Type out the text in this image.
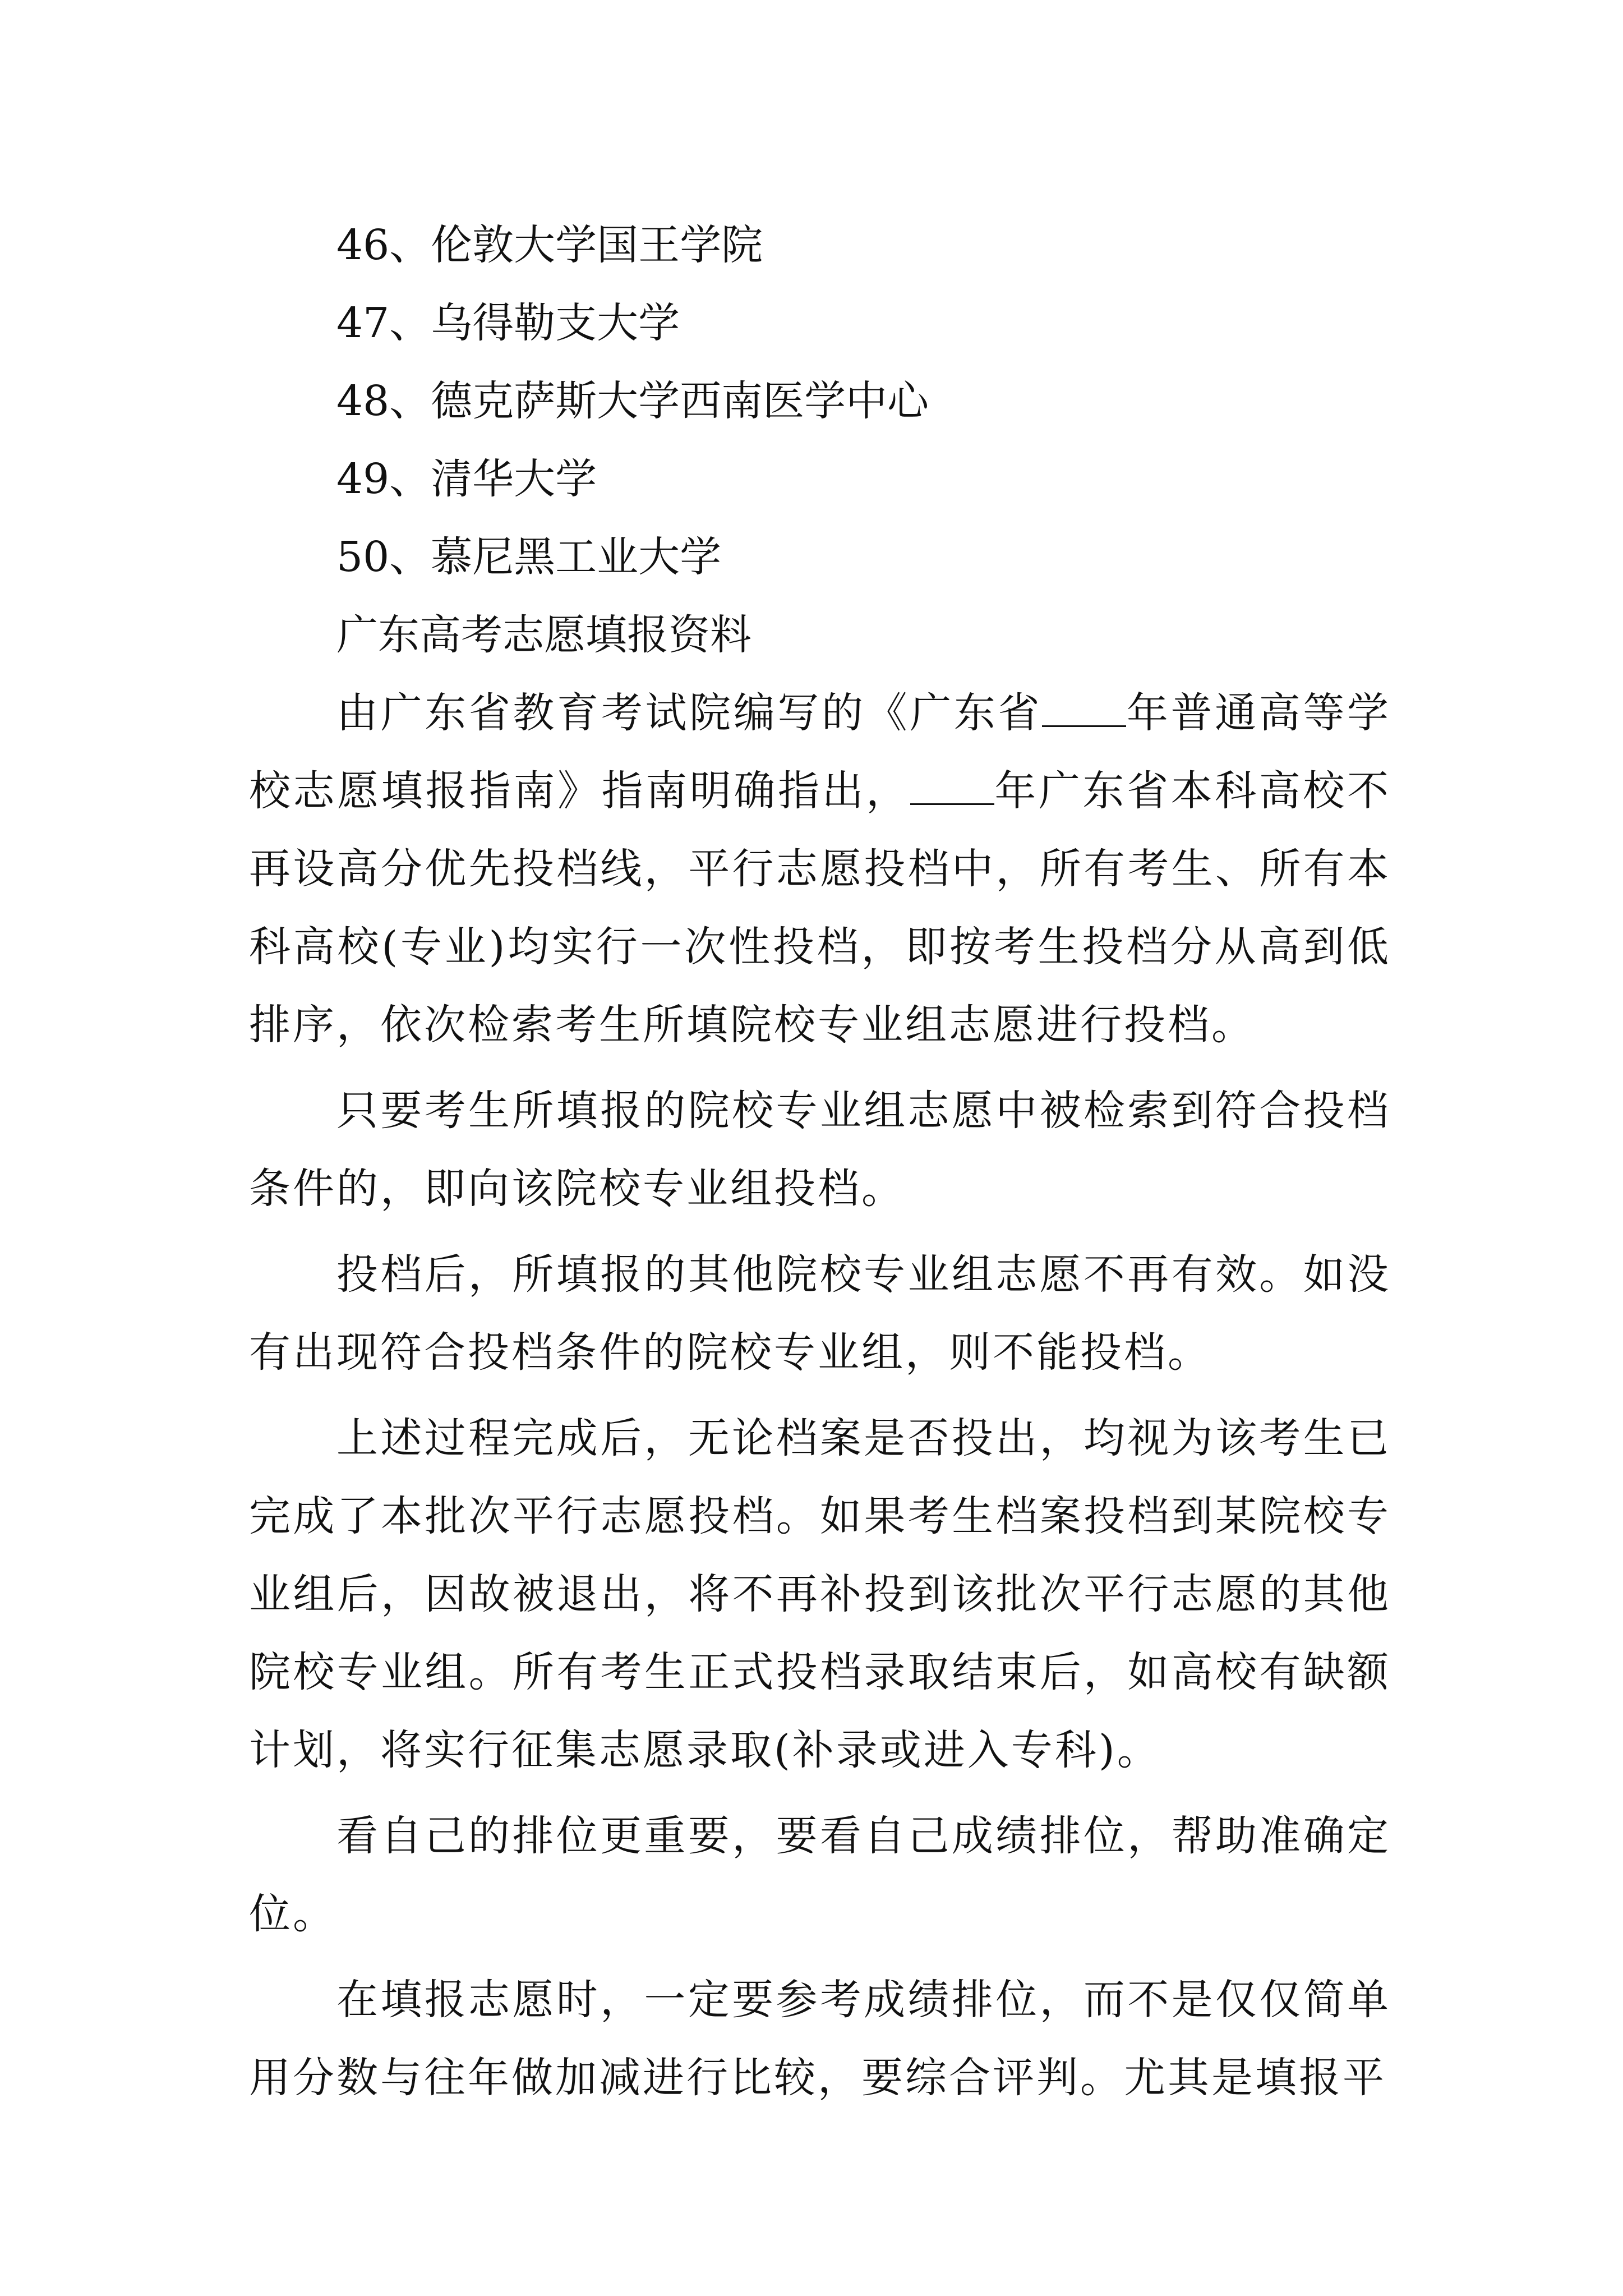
46、伦敦大学国王学院
47、乌得勒支大学
48、德克萨斯大学西南医学中心
49、清华大学
50、慕尼黑工业大学
广东高考志愿填报资料

由广东省教育考试院编写的《广东省 年普通高等学校志愿填报指南》指南明确指出， 年广东省本科高校不再设高分优先投档线，平行志愿投档中，所有考生、所有本科高校(专业)均实行一次性投档，即按考生投档分从高到低排序，依次检索考生所填院校专业组志愿进行投档。

只要考生所填报的院校专业组志愿中被检索到符合投档条件的，即向该院校专业组投档。

投档后，所填报的其他院校专业组志愿不再有效。如没有出现符合投档条件的院校专业组，则不能投档。

上述过程完成后，无论档案是否投出，均视为该考生已完成了本批次平行志愿投档。如果考生档案投档到某院校专业组后，因故被退出，将不再补投到该批次平行志愿的其他院校专业组。所有考生正式投档录取结束后，如高校有缺额计划，将实行征集志愿录取(补录或进入专科)。

看自己的排位更重要，要看自己成绩排位，帮助准确定位。

在填报志愿时，一定要参考成绩排位，而不是仅仅简单用分数与往年做加减进行比较，要综合评判。尤其是填报平
